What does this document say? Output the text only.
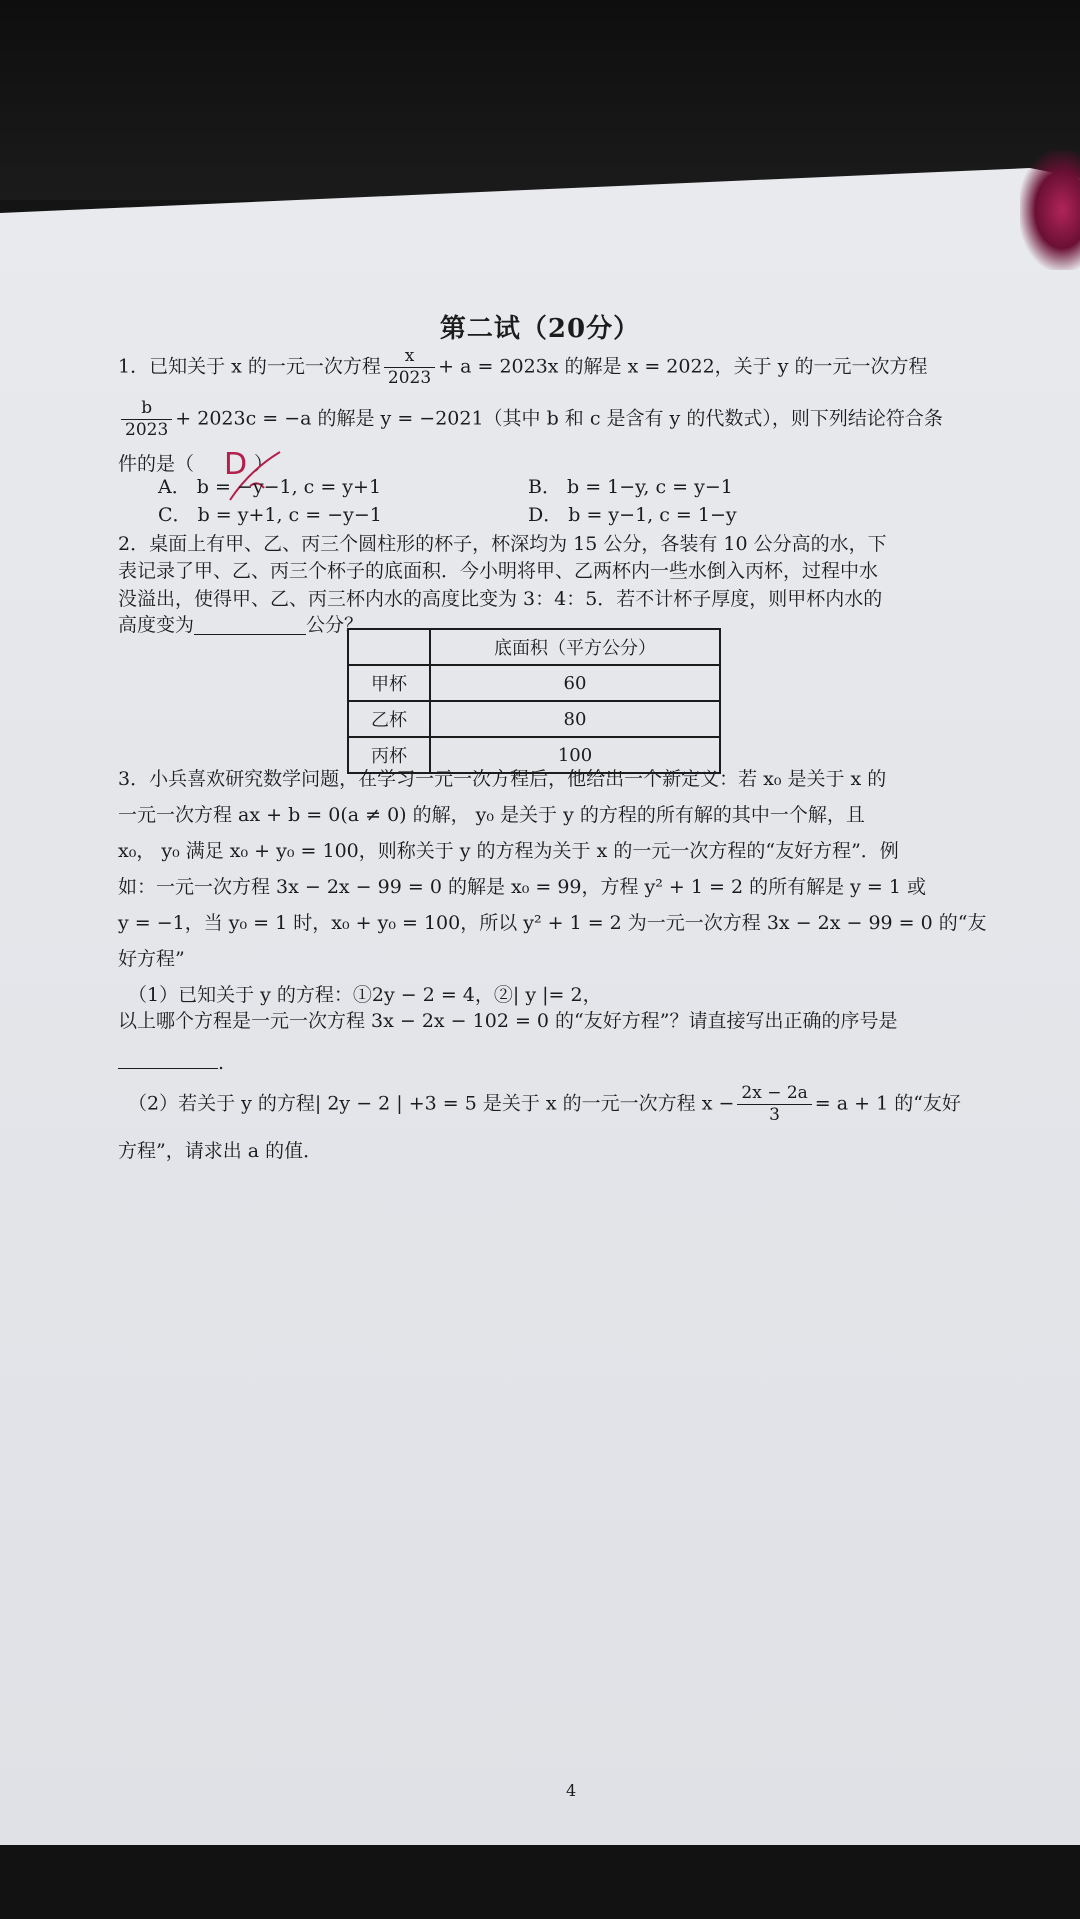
第二试（20分）
1．已知关于 x 的一元一次方程 $\frac{x}{2023} + a = 2023x$ 的解是 x = 2022，关于 y 的一元一次方程
$\frac{b}{2023} + 2023c = -a$ 的解是 y = −2021（其中 b 和 c 是含有 y 的代数式），则下列结论符合条
件的是（	）
D
A． b = −y−1, c = y+1	B． b = 1−y, c = y−1
C． b = y+1, c = −y−1	D． b = y−1, c = 1−y
2．桌面上有甲、乙、丙三个圆柱形的杯子，杯深均为 15 公分，各装有 10 公分高的水，下
表记录了甲、乙、丙三个杯子的底面积．今小明将甲、乙两杯内一些水倒入丙杯，过程中水
没溢出，使得甲、乙、丙三杯内水的高度比变为 3：4：5．若不计杯子厚度，则甲杯内水的
高度变为	公分？
	底面积（平方公分）
甲杯	60
乙杯	80
丙杯	100
3．小兵喜欢研究数学问题，在学习一元一次方程后，他给出一个新定义：若 x₀ 是关于 x 的
一元一次方程 ax + b = 0(a ≠ 0) 的解， y₀ 是关于 y 的方程的所有解的其中一个解，且
x₀， y₀ 满足 x₀ + y₀ = 100，则称关于 y 的方程为关于 x 的一元一次方程的“友好方程”．例
如：一元一次方程 3x − 2x − 99 = 0 的解是 x₀ = 99，方程 y² + 1 = 2 的所有解是 y = 1 或
y = −1，当 y₀ = 1 时，x₀ + y₀ = 100，所以 y² + 1 = 2 为一元一次方程 3x − 2x − 99 = 0 的“友
好方程”
（1）已知关于 y 的方程：①2y − 2 = 4，②| y |= 2，
以上哪个方程是一元一次方程 3x − 2x − 102 = 0 的“友好方程”？请直接写出正确的序号是
.
（2）若关于 y 的方程| 2y − 2 | +3 = 5 是关于 x 的一元一次方程 $x - \frac{2x - 2a}{3} = a + 1$ 的“友好
方程”，请求出 a 的值．
4
